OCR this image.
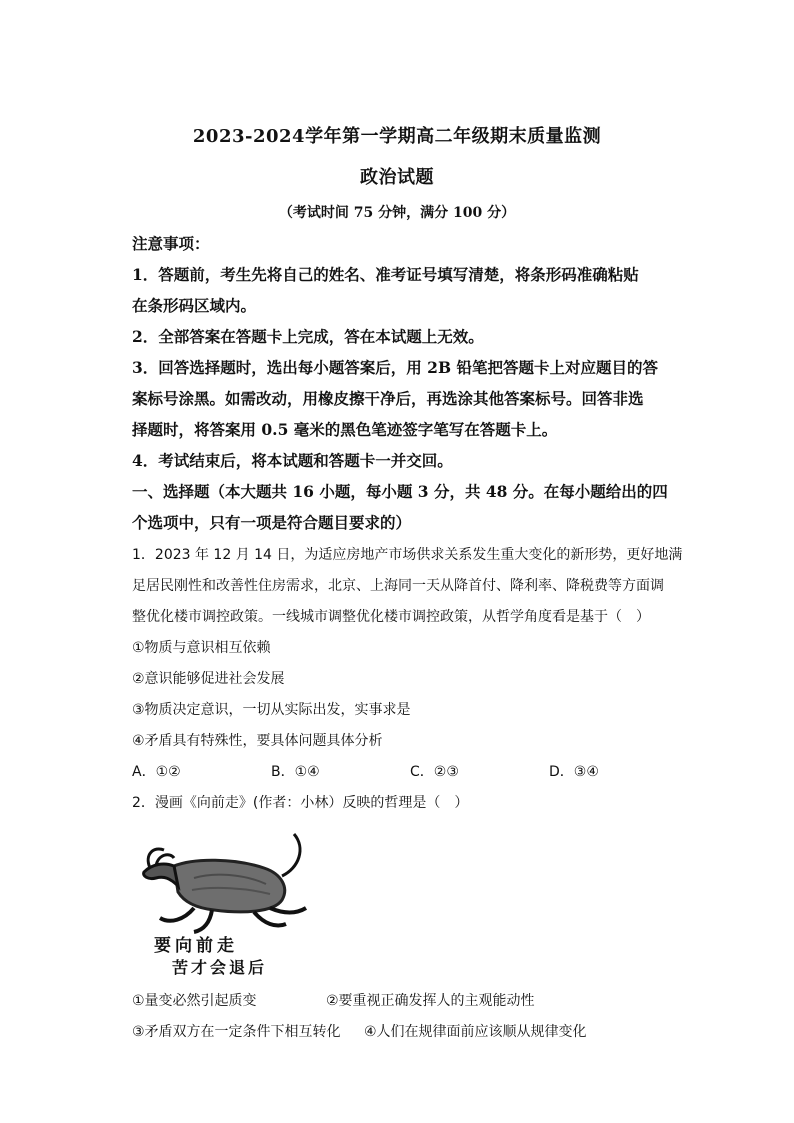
2023-2024学年第一学期高二年级期末质量监测
政治试题
（考试时间 75 分钟，满分 100 分）
注意事项：
1．答题前，考生先将自己的姓名、准考证号填写清楚，将条形码准确粘贴
在条形码区域内。
2．全部答案在答题卡上完成，答在本试题上无效。
3．回答选择题时，选出每小题答案后，用 2B 铅笔把答题卡上对应题目的答
案标号涂黑。如需改动，用橡皮擦干净后，再选涂其他答案标号。回答非选
择题时，将答案用 0.5 毫米的黑色笔迹签字笔写在答题卡上。
4．考试结束后，将本试题和答题卡一并交回。
一、选择题（本大题共 16 小题，每小题 3 分，共 48 分。在每小题给出的四
个选项中，只有一项是符合题目要求的）
1．2023 年 12 月 14 日，为适应房地产市场供求关系发生重大变化的新形势，更好地满
足居民刚性和改善性住房需求，北京、上海同一天从降首付、降利率、降税费等方面调
整优化楼市调控政策。一线城市调整优化楼市调控政策，从哲学角度看是基于（　）
①物质与意识相互依赖
②意识能够促进社会发展
③物质决定意识，一切从实际出发，实事求是
④矛盾具有特殊性，要具体问题具体分析
A．①②	B．①④	C．②③	D．③④
2．漫画《向前走》(作者：小林）反映的哲理是（　）
要向前走
苦才会退后
①量变必然引起质变	②要重视正确发挥人的主观能动性
③矛盾双方在一定条件下相互转化 ④人们在规律面前应该顺从规律变化
